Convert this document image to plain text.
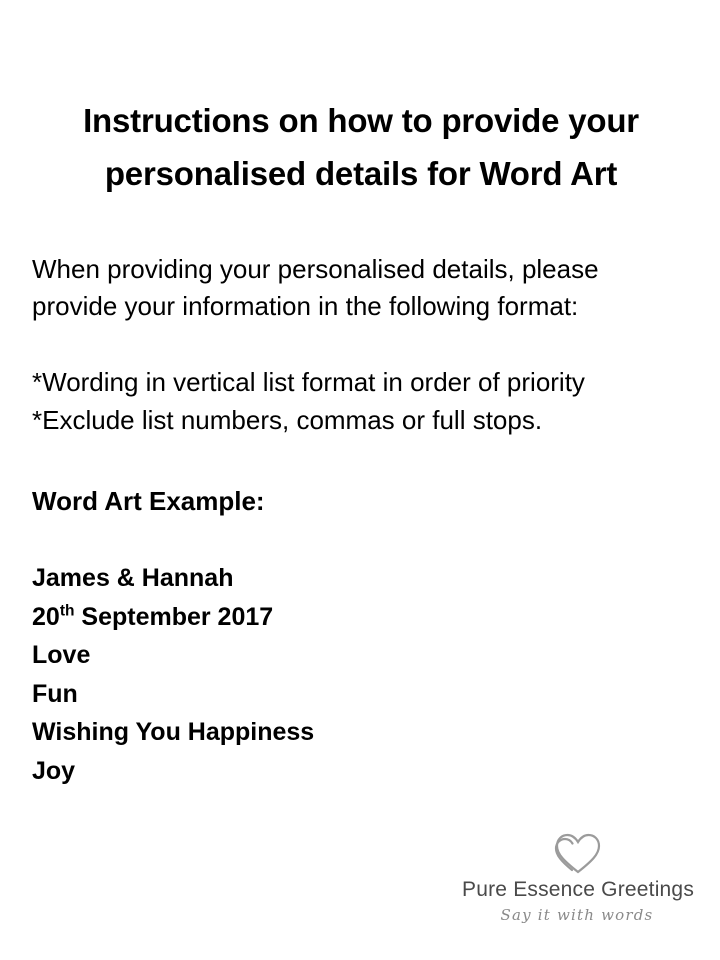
Instructions on how to provide your
personalised details for Word Art
When providing your personalised details, please
provide your information in the following format:
*Wording in vertical list format in order of priority
*Exclude list numbers, commas or full stops.
Word Art Example:
James & Hannah
20th September 2017
Love
Fun
Wishing You Happiness
Joy
Pure Essence Greetings
Say it with words
